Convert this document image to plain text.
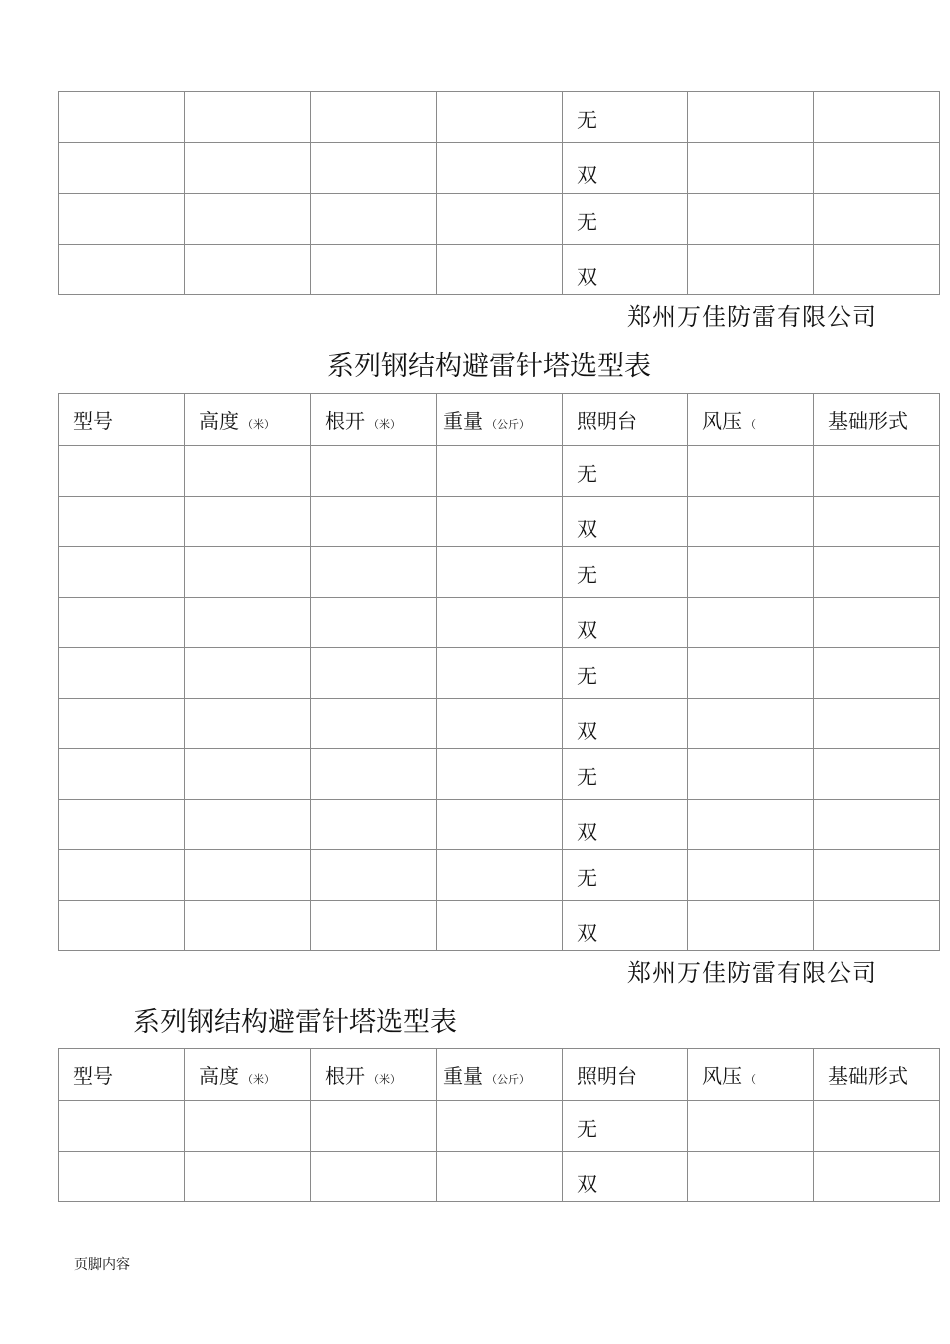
				无		
				双		
				无		
				双		
郑州万佳防雷有限公司
系列钢结构避雷针塔选型表
型号	高度 （米）	根开 （米）	重量 （公斤）	照明台	风压 （	基础形式
				无		
				双		
				无		
				双		
				无		
				双		
				无		
				双		
				无		
				双		
郑州万佳防雷有限公司
系列钢结构避雷针塔选型表
型号	高度 （米）	根开 （米）	重量 （公斤）	照明台	风压 （	基础形式
				无		
				双		
页脚内容
